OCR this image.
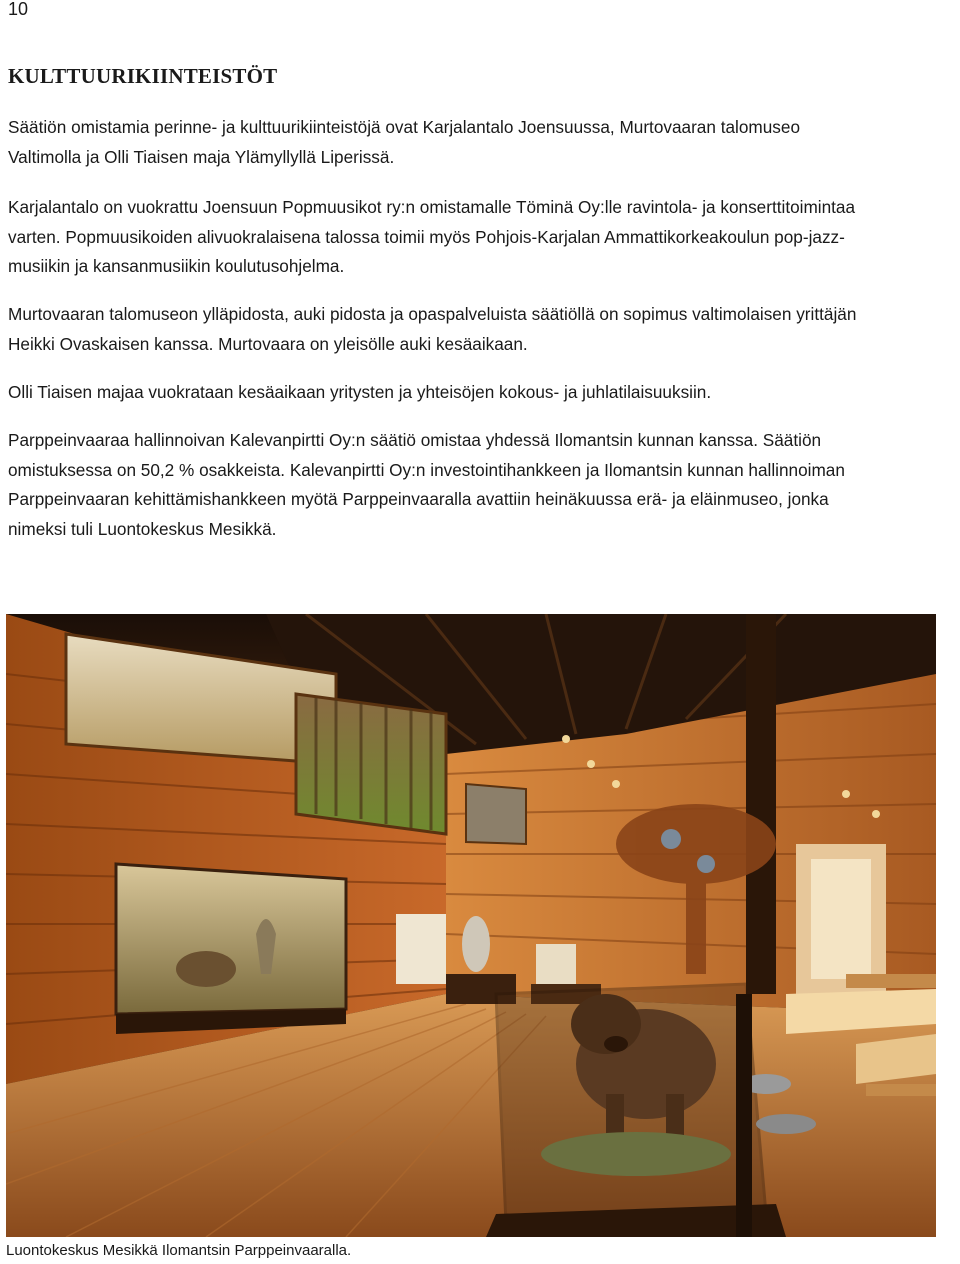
10
KULTTUURIKIINTEISTÖT

Säätiön omistamia perinne- ja kulttuurikiinteistöjä ovat Karjalantalo Joensuussa, Murtovaaran talomuseo
Valtimolla ja Olli Tiaisen maja Ylämyllyllä Liperissä.

Karjalantalo on vuokrattu Joensuun Popmuusikot ry:n omistamalle Töminä Oy:lle ravintola- ja konserttitoimintaa
varten. Popmuusikoiden alivuokralaisena talossa toimii myös Pohjois-Karjalan Ammattikorkeakoulun pop-jazz-
musiikin ja kansanmusiikin koulutusohjelma.

Murtovaaran talomuseon ylläpidosta, auki pidosta ja opaspalveluista säätiöllä on sopimus valtimolaisen yrittäjän
Heikki Ovaskaisen kanssa. Murtovaara on yleisölle auki kesäaikaan.

Olli Tiaisen majaa vuokrataan kesäaikaan yritysten ja yhteisöjen kokous- ja juhlatilaisuuksiin.

Parppeinvaaraa hallinnoivan Kalevanpirtti Oy:n säätiö omistaa yhdessä Ilomantsin kunnan kanssa. Säätiön
omistuksessa on 50,2 % osakkeista. Kalevanpirtti Oy:n investointihankkeen ja Ilomantsin kunnan hallinnoiman
Parppeinvaaran kehittämishankkeen myötä Parppeinvaaralla avattiin heinäkuussa erä- ja eläinmuseo, jonka
nimeksi tuli Luontokeskus Mesikkä.

Luontokeskus Mesikkä Ilomantsin Parppeinvaaralla.
